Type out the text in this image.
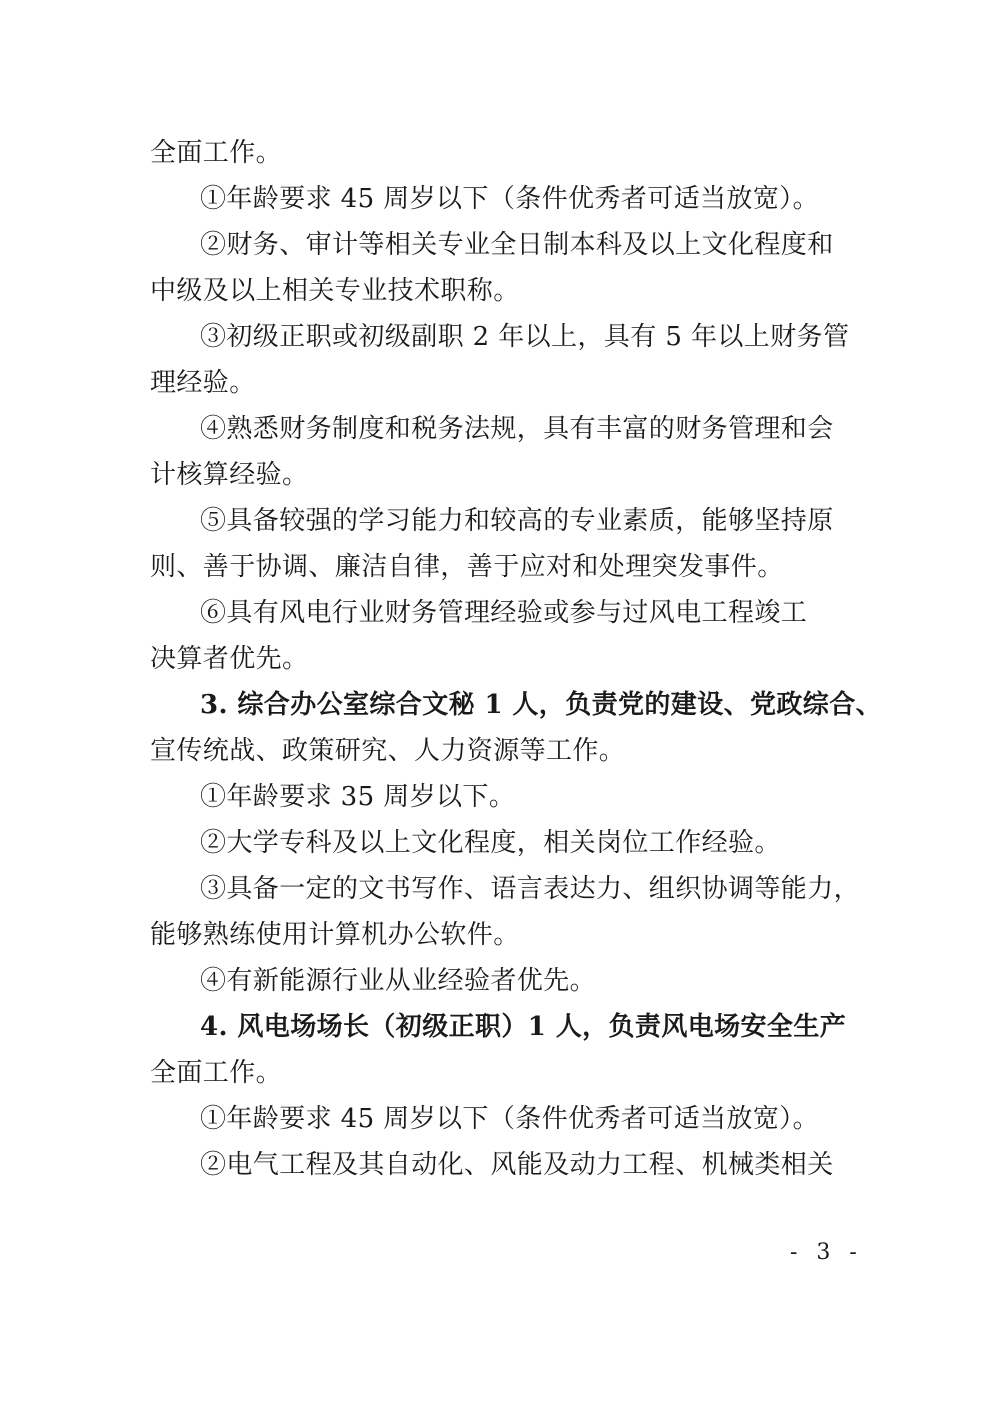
全面工作。
①年龄要求 45 周岁以下（条件优秀者可适当放宽）。
②财务、审计等相关专业全日制本科及以上文化程度和
中级及以上相关专业技术职称。
③初级正职或初级副职 2 年以上，具有 5 年以上财务管
理经验。
④熟悉财务制度和税务法规，具有丰富的财务管理和会
计核算经验。
⑤具备较强的学习能力和较高的专业素质，能够坚持原
则、善于协调、廉洁自律，善于应对和处理突发事件。
⑥具有风电行业财务管理经验或参与过风电工程竣工
决算者优先。
3. 综合办公室综合文秘 1 人，负责党的建设、党政综合、
宣传统战、政策研究、人力资源等工作。
①年龄要求 35 周岁以下。
②大学专科及以上文化程度，相关岗位工作经验。
③具备一定的文书写作、语言表达力、组织协调等能力，
能够熟练使用计算机办公软件。
④有新能源行业从业经验者优先。
4. 风电场场长（初级正职）1 人，负责风电场安全生产
全面工作。
①年龄要求 45 周岁以下（条件优秀者可适当放宽）。
②电气工程及其自动化、风能及动力工程、机械类相关
- 3 -
